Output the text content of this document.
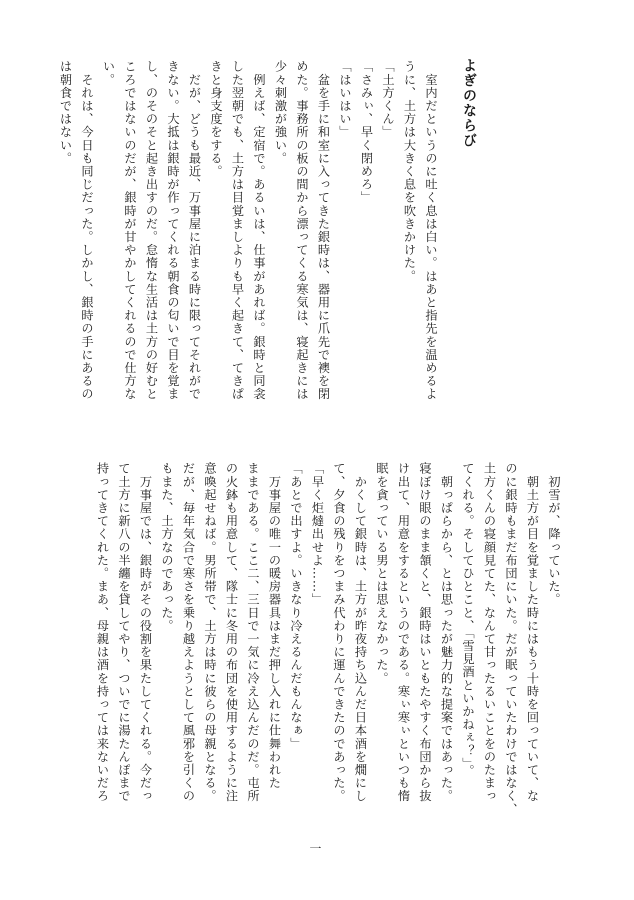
よぎのならび
　室内だというのに吐く息は白い。はあと指先を温めるよ
うに、土方は大きく息を吹きかけた。
「土方くん」
「さみぃ、早く閉めろ」
「はいはい」
　盆を手に和室に入ってきた銀時は、器用に爪先で襖を閉
めた。事務所の板の間から漂ってくる寒気は、寝起きには
少々刺激が強い。
　例えば、定宿で。あるいは、仕事があれば。銀時と同衾
した翌朝でも、土方は目覚ましよりも早く起きて、てきぱ
きと身支度をする。
　だが、どうも最近、万事屋に泊まる時に限ってそれがで
きない。大抵は銀時が作ってくれる朝食の匂いで目を覚ま
し、のそのそと起き出すのだ。怠惰な生活は土方の好むと
ころではないのだが、銀時が甘やかしてくれるので仕方な
い。
　それは、今日も同じだった。しかし、銀時の手にあるの
は朝食ではない。
　初雪が、降っていた。
　朝土方が目を覚ました時にはもう十時を回っていて、な
のに銀時もまだ布団にいた。だが眠っていたわけではなく、
土方くんの寝顔見てた、なんて甘ったるいことをのたまっ
てくれる。そしてひとこと、「雪見酒といかねぇ？」。
　朝っぱらから、とは思ったが魅力的な提案ではあった。
寝ぼけ眼のまま頷くと、銀時はいともたやすく布団から抜
け出て、用意をするというのである。寒ぃ寒ぃといつも惰
眠を貪っている男とは思えなかった。
　かくして銀時は、土方が昨夜持ち込んだ日本酒を燗にし
て、夕食の残りをつまみ代わりに運んできたのであった。
「早く炬燵出せよ……」
「あとで出すよ。いきなり冷えるんだもんなぁ」
　万事屋の唯一の暖房器具はまだ押し入れに仕舞われた
ままである。ここ二、三日で一気に冷え込んだのだ。屯所
の火鉢も用意して、隊士に冬用の布団を使用するように注
意喚起せねば。男所帯で、土方は時に彼らの母親となる。
だが、毎年気合で寒さを乗り越えようとして風邪を引くの
もまた、土方なのであった。
　万事屋では、銀時がその役割を果たしてくれる。今だっ
て土方に新八の半纏を貸してやり、ついでに湯たんぽまで
持ってきてくれた。まあ、母親は酒を持っては来ないだろ
一
